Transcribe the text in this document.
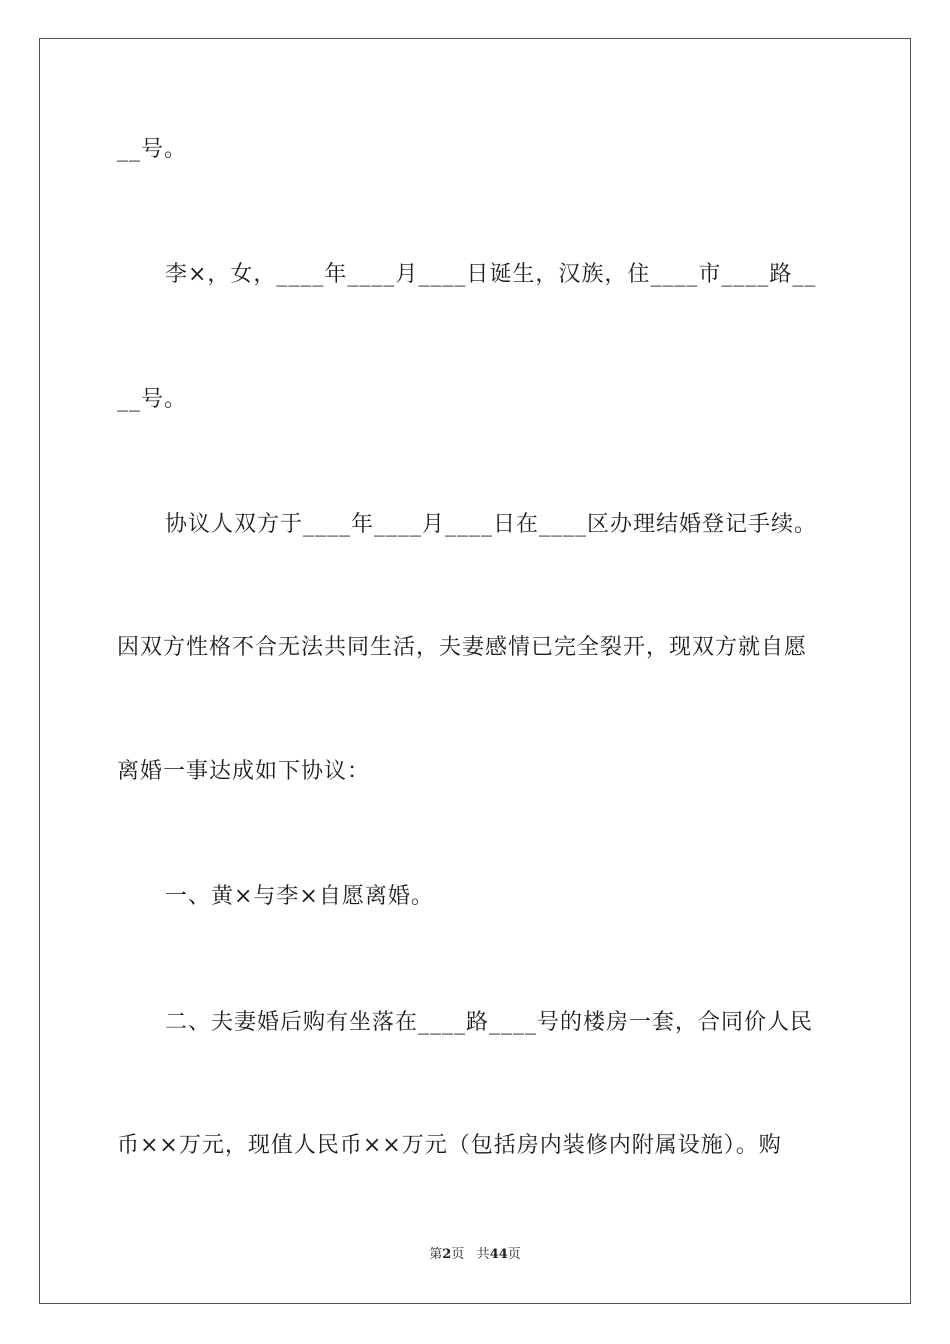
__号。
李×，女，____年____月____日诞生，汉族，住____市____路__
__号。
协议人双方于____年____月____日在____区办理结婚登记手续。
因双方性格不合无法共同生活，夫妻感情已完全裂开，现双方就自愿
离婚一事达成如下协议：
一、黄×与李×自愿离婚。
二、夫妻婚后购有坐落在____路____号的楼房一套，合同价人民
币××万元，现值人民币××万元（包括房内装修内附属设施）。购
第2页 共44页
